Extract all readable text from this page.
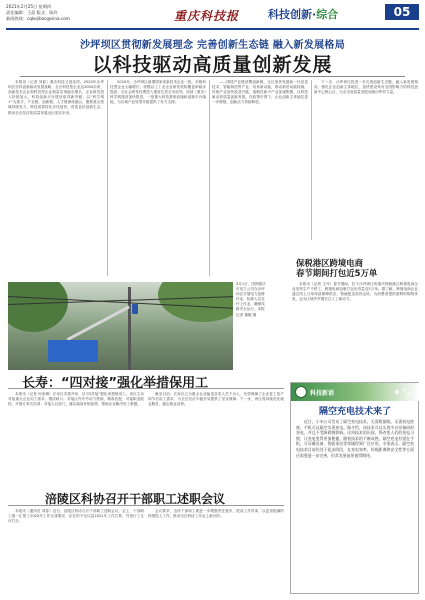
2021年2月25日 星期四
责任编辑：王晨 版式：陈玲
新闻热线：cqkejibao@sina.com	重庆科技报	科技创新·综合	05
沙坪坝区贯彻新发展理念 完善创新生态链 融入新发展格局
以科技驱动高质量创新发展

本报讯（记者 刘蓝）重庆科技又创佳绩。2020年沙坪坝区坚持创新驱动发展战略，全区科技型企业达2000余家，高新技术企业和科技型企业数量实现稳步增长，企业研发投入持续加大，科技创新平台建设取得新突破，以“科学城+”为抓手，产业链、创新链、人才链深度融合，聚焦重点领域持续发力，科技成果转化步伐加快，营造良好创新生态，推动全区经济高质量发展迈出坚实步伐。

2020年，沙坪坝区新增国家高新技术企业一批，市级科技型企业大幅增长；规模以上工业企业研发机构覆盖率稳步提高；全社会研发经费投入强度位居全市前列。西部（重庆）科学城建设加快推进，一批重大科技基础设施和创新平台落地，为区域产业转型升级提供了有力支撑。

——围绕产业链部署创新链，全区加快发展新一代信息技术、智能制造等产业，培育新动能，推动新旧动能转换，传统产业加快改造升级，战略性新兴产业加速集聚，以科技驱动高质量创新发展。在政策引领下，企业创新主体地位进一步增强，创新活力持续释放。

下一步，沙坪坝区将进一步完善创新生态链，融入新发展格局，强化企业创新主体地位，加快建设具有全国影响力的科技创新中心核心区，为全市高质量发展贡献沙坪坝力量。

3月1日，国网重庆市电力公司在沙坪坝区开展电力抢修作业，检修人员在杆上作业，确保线路安全运行。本报记者 董刚 摄
保税港区跨境电商
春节期间打包近5万单

本报讯（记者 王丹）春节期间，位于沙坪坝区的重庆保税港区跨境电商企业坚持生产不停工，跨境电商包裹打包出货量近5万单。据了解，跨境电商企业通过线上订单持续保障供应，物流配送高效运转，为消费者提供便利的购物体验，也为区域外贸增长注入了新动力。

长寿：“四对接”强化举措保用工

本报讯（记者 何亚琳）长寿区多措并举，以“四对接”强化举措保用工。该区主动对接重点企业用工需求，摸清缺口；对接区内外劳动力资源，精准匹配；对接职业院校，开展订单式培训；对接人社部门，落实稳岗补贴政策，帮助企业解决用工难题。

截至目前，长寿区已为重点企业输送各类人员千余人，有效保障了企业复工复产和节后用工需求，为全区经济平稳开局提供了坚实保障。下一步，该区将持续优化就业服务，稳定就业局势。

涪陵区科协召开干部职工述职会议

本报讯（通讯员 刘春）近日，涪陵区科协召开干部职工述职会议。会上，干部职工逐一汇报了2020年工作完成情况、存在的不足以及2021年工作打算，并进行了互评打分。

会议要求，全体干部职工要进一步增强责任意识，提高工作效率，以更加饱满的热情投入工作，推动全区科协工作迈上新台阶。

科技新语
隔空充电技术来了

近日，小米公司发布了隔空充电技术，无需数据线、无需充电底座，手机可以隔空实现充电。据介绍，该技术可以实现多台设备同时充电，并且不受障碍物影响。这项技术的出现，将改变人们的充电习惯，让充电变得更加便捷。随着技术的不断成熟，隔空充电有望在手机、可穿戴设备、智能家居等领域得到广泛应用。专家表示，隔空充电技术目前仍处于起步阶段，在充电效率、传输距离和安全性等方面还需要进一步完善，但其发展前景值得期待。
